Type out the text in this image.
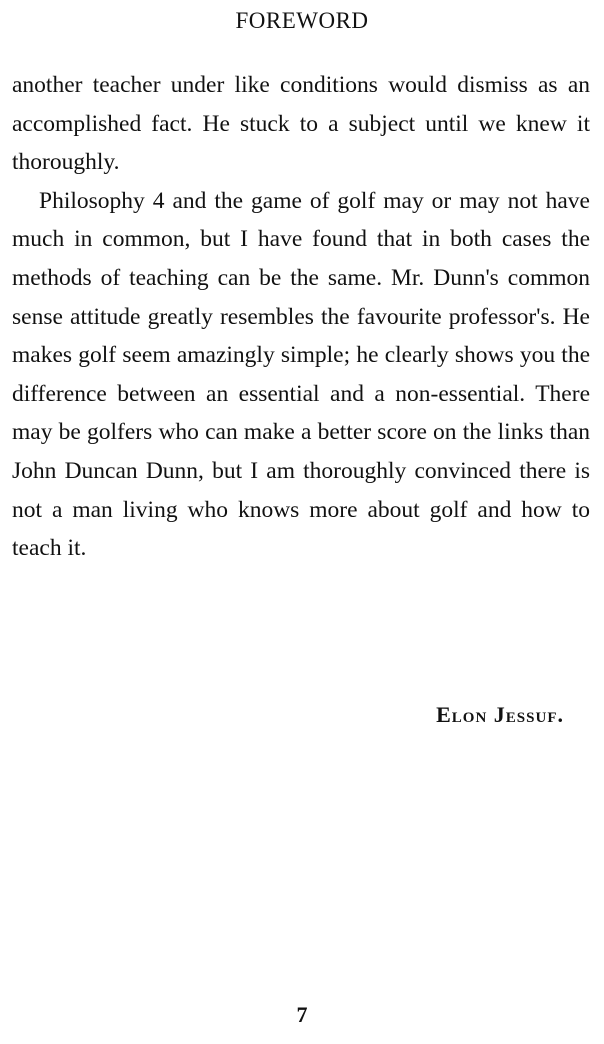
FOREWORD

another teacher under like conditions would dismiss as an accomplished fact. He stuck to a subject until we knew it thoroughly.

Philosophy 4 and the game of golf may or may not have much in common, but I have found that in both cases the methods of teaching can be the same. Mr. Dunn's common sense attitude greatly resembles the favourite professor's. He makes golf seem amazingly simple; he clearly shows you the difference between an essential and a non-essential. There may be golfers who can make a better score on the links than John Duncan Dunn, but I am thoroughly convinced there is not a man living who knows more about golf and how to teach it.

Elon Jessuf.
7
